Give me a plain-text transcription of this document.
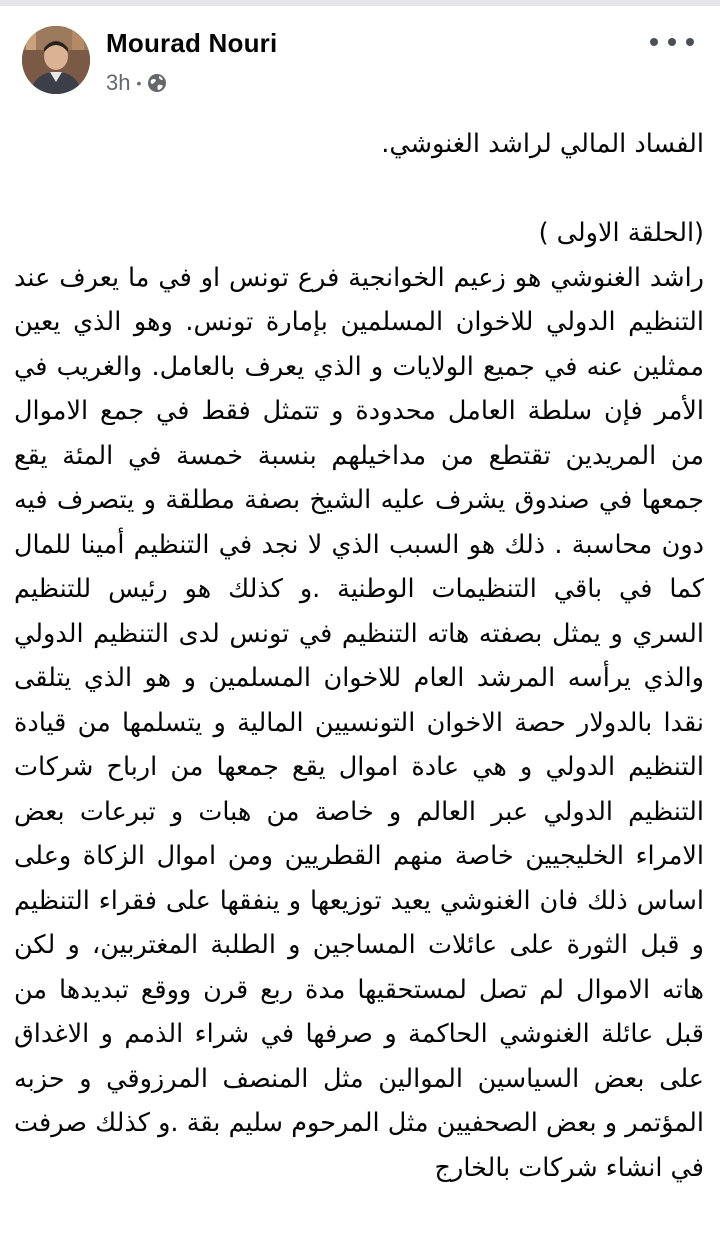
Mourad Nouri
3h •

الفساد المالي لراشد الغنوشي.

(الحلقة الاولى )

راشد الغنوشي هو زعيم الخوانجية فرع تونس او في ما يعرف عند التنظيم الدولي للاخوان المسلمين بإمارة تونس. وهو الذي يعين ممثلين عنه في جميع الولايات و الذي يعرف بالعامل. والغريب في الأمر فإن سلطة العامل محدودة و تتمثل فقط في جمع الاموال من المريدين تقتطع من مداخيلهم بنسبة خمسة في المئة يقع جمعها في صندوق يشرف عليه الشيخ بصفة مطلقة و يتصرف فيه دون محاسبة . ذلك هو السبب الذي لا نجد في التنظيم أمينا للمال كما في باقي التنظيمات الوطنية .و كذلك هو رئيس للتنظيم السري و يمثل بصفته هاته التنظيم في تونس لدى التنظيم الدولي والذي يرأسه المرشد العام للاخوان المسلمين و هو الذي يتلقى نقدا بالدولار حصة الاخوان التونسيين المالية و يتسلمها من قيادة التنظيم الدولي و هي عادة اموال يقع جمعها من ارباح شركات التنظيم الدولي عبر العالم و خاصة من هبات و تبرعات بعض الامراء الخليجيين خاصة منهم القطريين ومن اموال الزكاة وعلى اساس ذلك فان الغنوشي يعيد توزيعها و ينفقها على فقراء التنظيم و قبل الثورة على عائلات المساجين و الطلبة المغتربين، و لكن هاته الاموال لم تصل لمستحقيها مدة ربع قرن ووقع تبديدها من قبل عائلة الغنوشي الحاكمة و صرفها في شراء الذمم و الاغداق على بعض السياسين الموالين مثل المنصف المرزوقي و حزبه المؤتمر و بعض الصحفيين مثل المرحوم سليم بقة .و كذلك صرفت في انشاء شركات بالخارج
